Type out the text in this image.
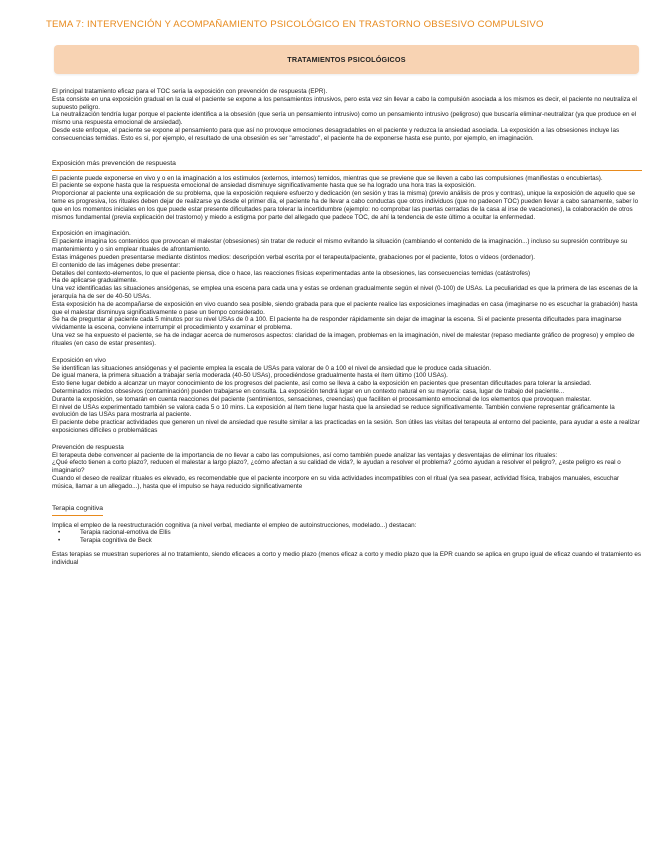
TEMA 7: INTERVENCIÓN Y ACOMPAÑAMIENTO PSICOLÓGICO EN TRASTORNO OBSESIVO COMPULSIVO
TRATAMIENTOS PSICOLÓGICOS

El principal tratamiento eficaz para el TOC sería la exposición con prevención de respuesta (EPR).

Esta consiste en una exposición gradual en la cual el paciente se expone a los pensamientos intrusivos, pero esta vez sin llevar a cabo la compulsión asociada a los mismos es decir, el paciente no neutraliza el supuesto peligro.

La neutralización tendría lugar porque el paciente identifica a la obsesión (que sería un pensamiento intrusivo) como un pensamiento intrusivo (peligroso) que buscaría eliminar-neutralizar (ya que produce en el mismo una respuesta emocional de ansiedad).

Desde este enfoque, el paciente se expone al pensamiento para que así no provoque emociones desagradables en el paciente y reduzca la ansiedad asociada. La exposición a las obsesiones incluye las consecuencias temidas. Esto es si, por ejemplo, el resultado de una obsesión es ser "arrestado", el paciente ha de exponerse hasta ese punto, por ejemplo, en imaginación.

Exposición más prevención de respuesta

El paciente puede exponerse en vivo y o en la imaginación a los estímulos (externos, internos) temidos, mientras que se previene que se lleven a cabo las compulsiones (manifiestas o encubiertas).

El paciente se expone hasta que la respuesta emocional de ansiedad disminuye significativamente hasta que se ha logrado una hora tras la exposición.

Proporcionar al paciente una explicación de su problema, que la exposición requiere esfuerzo y dedicación (en sesión y tras la misma) (previo análisis de pros y contras), unique la exposición de aquello que se teme es progresiva, los rituales deben dejar de realizarse ya desde el primer día, el paciente ha de llevar a cabo conductas que otros individuos (que no padecen TOC) pueden llevar a cabo sanamente, saber lo que en los momentos iniciales en los que puede estar presente dificultades para tolerar la incertidumbre (ejemplo: no comprobar las puertas cerradas de la casa al irse de vacaciones), la colaboración de otros mismos fundamental (previa explicación del trastorno) y miedo a estigma por parte del allegado que padece TOC, de ahí la tendencia de este último a ocultar la enfermedad.

Exposición en imaginación.

El paciente imagina los contenidos que provocan el malestar (obsesiones) sin tratar de reducir el mismo evitando la situación (cambiando el contenido de la imaginación...) incluso su supresión contribuye su mantenimiento y o sin emplear rituales de afrontamiento.

Estas imágenes pueden presentarse mediante distintos medios: descripción verbal escrita por el terapeuta/paciente, grabaciones por el paciente, fotos o vídeos (ordenador).

El contenido de las imágenes debe presentar:

Detalles del contexto-elementos, lo que el paciente piensa, dice o hace, las reacciones físicas experimentadas ante la obsesiones, las consecuencias temidas (catástrofes)

Ha de aplicarse gradualmente.

Una vez identificadas las situaciones ansiógenas, se emplea una escena para cada una y estas se ordenan gradualmente según el nivel (0-100) de USAs. La peculiaridad es que la primera de las escenas de la jerarquía ha de ser de 40-50 USAs.

Esta exposición ha de acompañarse de exposición en vivo cuando sea posible, siendo grabada para que el paciente realice las exposiciones imaginadas en casa (imaginarse no es escuchar la grabación) hasta que el malestar disminuya significativamente o pase un tiempo considerado.

Se ha de preguntar al paciente cada 5 minutos por su nivel USAs de 0 a 100. El paciente ha de responder rápidamente sin dejar de imaginar la escena. Si el paciente presenta dificultades para imaginarse vívidamente la escena, conviene interrumpir el procedimiento y examinar el problema.

Una vez se ha expuesto el paciente, se ha de indagar acerca de numerosos aspectos: claridad de la imagen, problemas en la imaginación, nivel de malestar (repaso mediante gráfico de progreso) y empleo de rituales (en caso de estar presentes).

Exposición en vivo

Se identifican las situaciones ansiógenas y el paciente emplea la escala de USAs para valorar de 0 a 100 el nivel de ansiedad que le produce cada situación.

De igual manera, la primera situación a trabajar sería moderada (40-50 USAs), procediéndose gradualmente hasta el ítem último (100 USAs).

Esto tiene lugar debido a alcanzar un mayor conocimiento de los progresos del paciente, así como se lleva a cabo la exposición en pacientes que presentan dificultades para tolerar la ansiedad.

Determinados miedos obsesivos (contaminación) pueden trabajarse en consulta. La exposición tendrá lugar en un contexto natural en su mayoría: casa, lugar de trabajo del paciente...

Durante la exposición, se tomarán en cuenta reacciones del paciente (sentimientos, sensaciones, creencias) que faciliten el procesamiento emocional de los elementos que provoquen malestar.

El nivel de USAs experimentado también se valora cada 5 o 10 mins. La exposición al ítem tiene lugar hasta que la ansiedad se reduce significativamente. También conviene representar gráficamente la evolución de las USAs para mostrarla al paciente.

El paciente debe practicar actividades que generen un nivel de ansiedad que resulte similar a las practicadas en la sesión. Son útiles las visitas del terapeuta al entorno del paciente, para ayudar a este a realizar exposiciones difíciles o problemáticas

Prevención de respuesta

El terapeuta debe convencer al paciente de la importancia de no llevar a cabo las compulsiones, así como también puede analizar las ventajas y desventajas de eliminar los rituales:

¿Qué efecto tienen a corto plazo?, reducen el malestar a largo plazo?, ¿cómo afectan a su calidad de vida?, le ayudan a resolver el problema? ¿cómo ayudan a resolver el peligro?, ¿este peligro es real o imaginario?

Cuando el deseo de realizar rituales es elevado, es recomendable que el paciente incorpore en su vida actividades incompatibles con el ritual (ya sea pasear, actividad física, trabajos manuales, escuchar música, llamar a un allegado...), hasta que el impulso se haya reducido significativamente

Terapia cognitiva

Implica el empleo de la reestructuración cognitiva (a nivel verbal, mediante el empleo de autoinstrucciones, modelado...) destacan:

• Terapia racional-emotiva de Ellis
• Terapia cognitiva de Beck

Estas terapias se muestran superiores al no tratamiento, siendo eficaces a corto y medio plazo (menos eficaz a corto y medio plazo que la EPR cuando se aplica en grupo igual de eficaz cuando el tratamiento es individual
